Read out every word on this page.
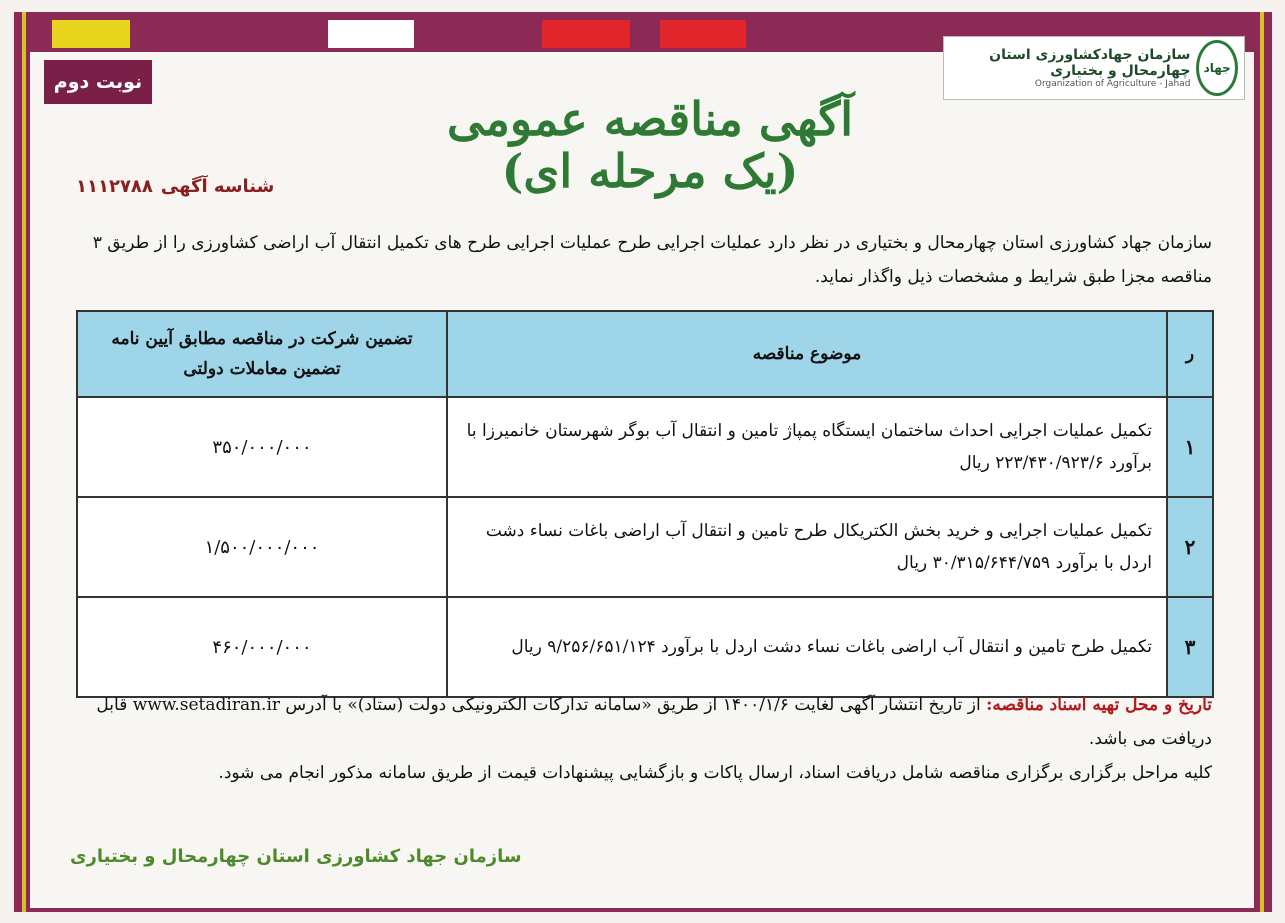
سازمان جهادکشاورزی استان چهارمحال و بختیاری
Organization of Agriculture - Jahad
جهاد
نوبت دوم
آگهی مناقصه عمومی
(یک مرحله ای)
شناسه آگهی۱۱۱۲۷۸۸
سازمان جهاد کشاورزی استان چهارمحال و بختیاری در نظر دارد عملیات اجرایی طرح عملیات اجرایی طرح های تکمیل انتقال آب اراضی کشاورزی را از طریق ۳ مناقصه مجزا طبق شرایط و مشخصات ذیل واگذار نماید.
ر	موضوع مناقصه	تضمین شرکت در مناقصه مطابق آیین نامه تضمین معاملات دولتی
۱	تکمیل عملیات اجرایی احداث ساختمان ایستگاه پمپاژ تامین و انتقال آب بوگر شهرستان خانمیرزا با برآورد ۲۲۳/۴۳۰/۹۲۳/۶ ریال	۳۵۰/۰۰۰/۰۰۰
۲	تکمیل عملیات اجرایی و خرید بخش الکتریکال طرح تامین و انتقال آب اراضی باغات نساء دشت اردل با برآورد ۳۰/۳۱۵/۶۴۴/۷۵۹ ریال	۱/۵۰۰/۰۰۰/۰۰۰
۳	تکمیل طرح تامین و انتقال آب اراضی باغات نساء دشت اردل با برآورد ۹/۲۵۶/۶۵۱/۱۲۴ ریال	۴۶۰/۰۰۰/۰۰۰
تاریخ و محل تهیه اسناد مناقصه: از تاریخ انتشار آگهی لغایت ۱۴۰۰/۱/۶ از طریق «سامانه تدارکات الکترونیکی دولت (ستاد)» با آدرس www.setadiran.ir قابل دریافت می باشد.
کلیه مراحل برگزاری برگزاری مناقصه شامل دریافت اسناد، ارسال پاکات و بازگشایی پیشنهادات قیمت از طریق سامانه مذکور انجام می شود.
سازمان جهاد کشاورزی استان چهارمحال و بختیاری
